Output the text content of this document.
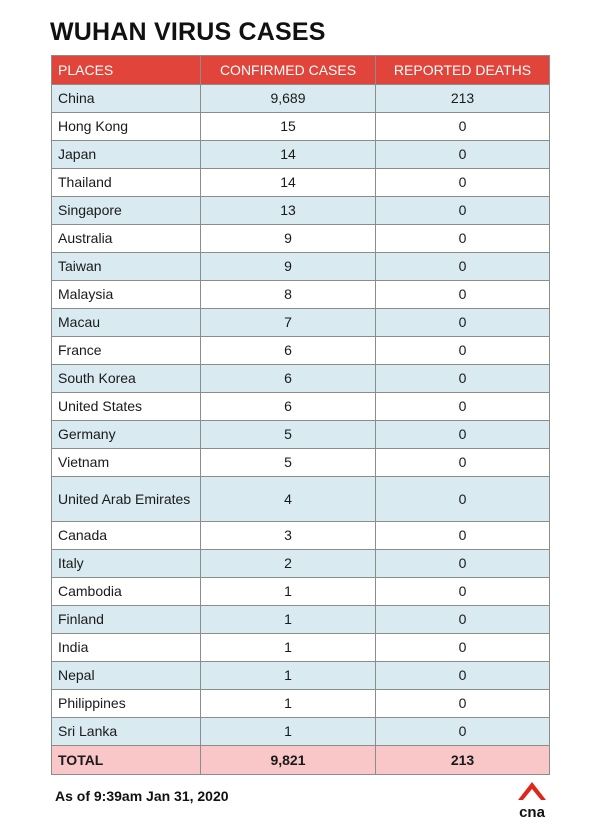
WUHAN VIRUS CASES
PLACES	CONFIRMED CASES	REPORTED DEATHS
China	9,689	213
Hong Kong	15	0
Japan	14	0
Thailand	14	0
Singapore	13	0
Australia	9	0
Taiwan	9	0
Malaysia	8	0
Macau	7	0
France	6	0
South Korea	6	0
United States	6	0
Germany	5	0
Vietnam	5	0
United Arab Emirates	4	0
Canada	3	0
Italy	2	0
Cambodia	1	0
Finland	1	0
India	1	0
Nepal	1	0
Philippines	1	0
Sri Lanka	1	0
TOTAL	9,821	213
As of 9:39am Jan 31, 2020
cna
